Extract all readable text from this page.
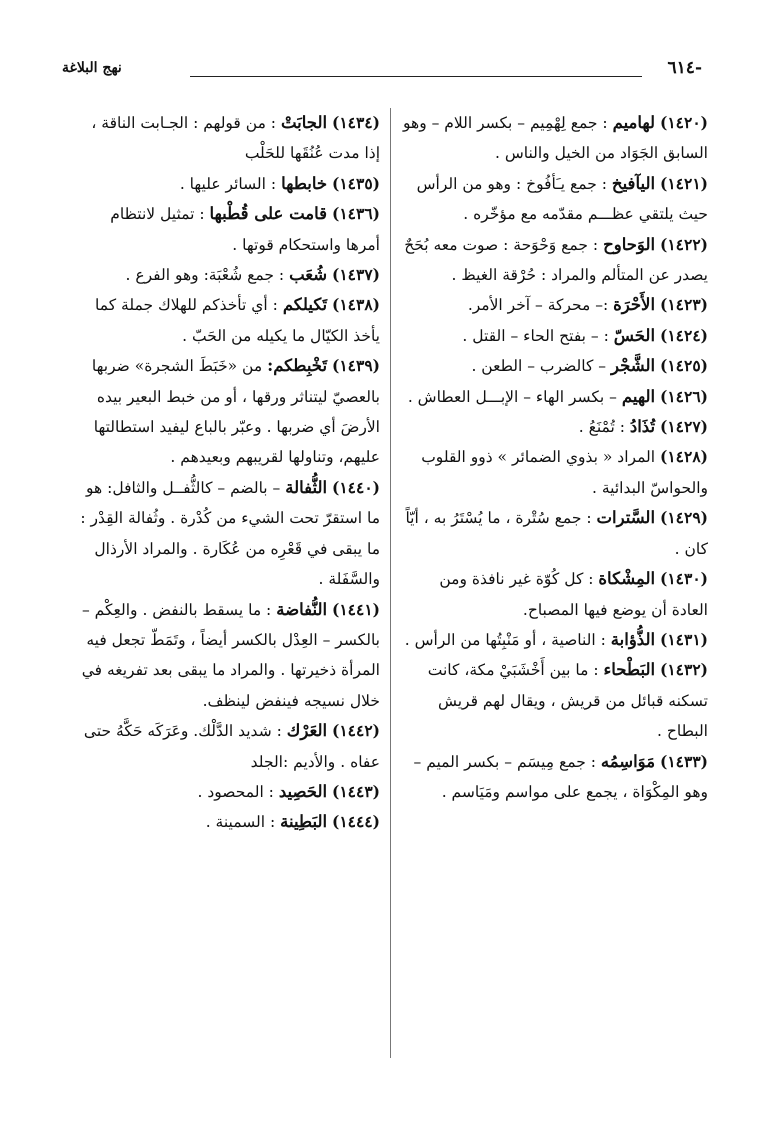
-٦١٤
نهج البلاغة

(١٤٢٠) لهاميم : جمع لِهْمِيم – بكسر اللام – وهو السابق الجَوَاد من الخيل والناس .

(١٤٢١) اليآفيخ : جمع يـَأفُوخ : وهو من الرأس حيث يلتقي عظـــم مقدّمه مع مؤخّره .

(١٤٢٢) الوَحاوح : جمع وَحْوَحة : صوت معه بُحَحٌ يصدر عن المتألم والمراد : حُرْقة الغيظ .

(١٤٢٣) الأَحْرَة :– محركة – آخر الأمر.

(١٤٢٤) الحَسّ : – بفتح الحاء – القتل .

(١٤٢٥) الشَّجْر – كالضرب – الطعن .

(١٤٢٦) الهيم – بكسر الهاء – الإبـــل العطاش .

(١٤٢٧) تُذَادُ : تُمْنَعُ .

(١٤٢٨) المراد « بذوي الضمائر » ذوو القلوب والحواسّ البدائية .

(١٤٢٩) السَّترات : جمع سُتْرة ، ما يُسْتَرُ به ، أيّاً كان .

(١٤٣٠) المِشْكاة : كل كُوّة غير نافذة ومن العادة أن يوضع فيها المصباح.

(١٤٣١) الذُّؤابة : الناصية ، أو مَنْبِتُها من الرأس .

(١٤٣٢) البَطْحاء : ما بين أَخْشَبَيْ مكة، كانت تسكنه قبائل من قريش ، ويقال لهم قريش البطاح .

(١٤٣٣) مَوَاسِمُه : جمع مِيسَم – بكسر الميم – وهو المِكْوَاة ، يجمع على مواسم ومَيَاسم .

(١٤٣٤) الجابَتْ : من قولهم : الجـابت الناقة ، إذا مدت عُنُقَها للحَلْب

(١٤٣٥) خابطها : السائر عليها .

(١٤٣٦) قامت على قُطْبها : تمثيل لانتظام أمرها واستحكام قوتها .

(١٤٣٧) شُعَب : جمع شُعْبَة: وهو الفرع .

(١٤٣٨) تَكيلكم : أي تأخذكم للهلاك جملة كما يأخذ الكيّال ما يكيله من الحَبّ .

(١٤٣٩) تَخْبِطكم: من «خَبَطَ الشجرة» ضربها بالعصيّ ليتناثر ورقها ، أو من خبط البعير بيده الأرضَ أي ضربها . وعبّر بالباع ليفيد استطالتها عليهم، وتناولها لقريبهم وبعيدهم .

(١٤٤٠) الثُّفالة – بالضم – كالثُّفــل والثافل: هو ما استقرّ تحت الشيء من كُدْرة . وثُفالة القِدْر : ما يبقى في قَعْرِه من عُكَارة . والمراد الأرذال والسَّفَلة .

(١٤٤١) النُّفاضة : ما يسقط بالنفض . والعِكْم – بالكسر – العِدْل بالكسر أيضاً ، وتَمَطّ تجعل فيه المرأة ذخيرتها . والمراد ما يبقى بعد تفريغه في خلال نسيجه فينفض لينظف.

(١٤٤٢) العَرْك : شديد الدَّلْك. وعَرَكَه حَكَّهُ حتى عفاه . والأديم :الجلد

(١٤٤٣) الحَصِيد : المحصود .

(١٤٤٤) البَطِينة : السمينة .
